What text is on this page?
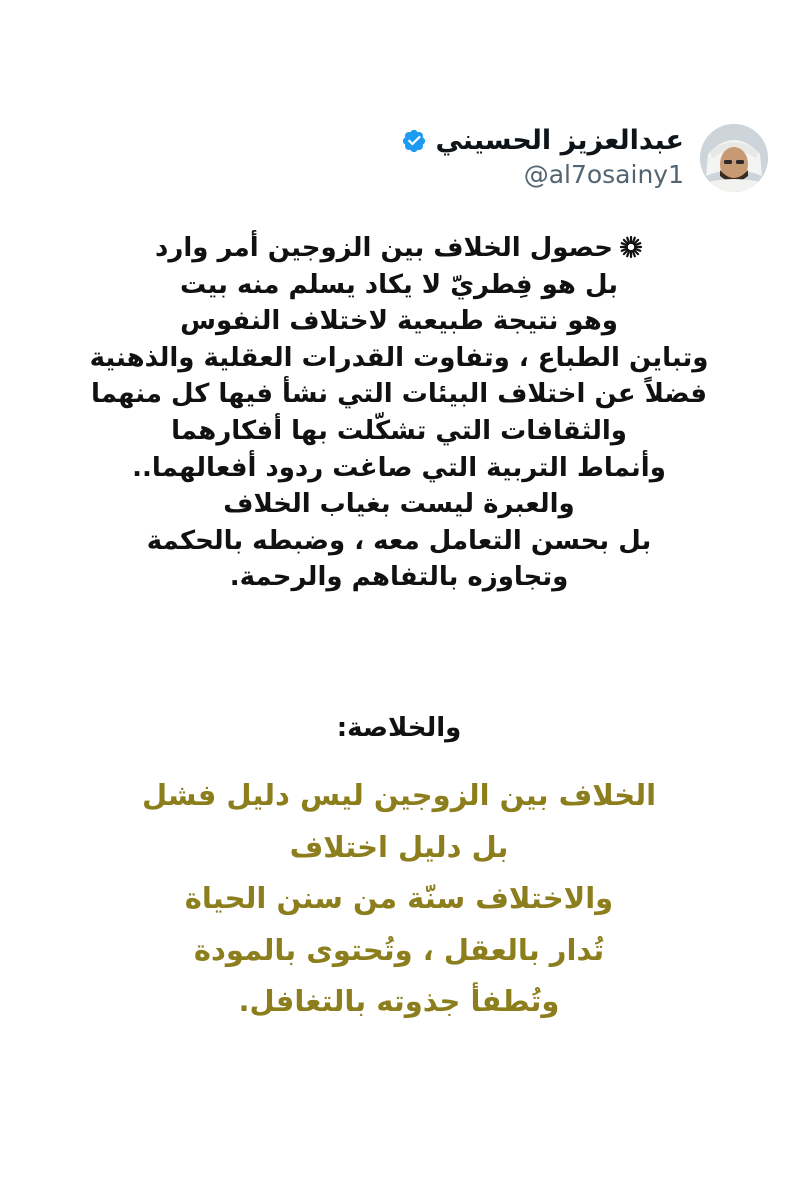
عبدالعزيز الحسيني
@al7osainy1
حصول الخلاف بين الزوجين أمر وارد
بل هو فِطريّ لا يكاد يسلم منه بيت
وهو نتيجة طبيعية لاختلاف النفوس
وتباين الطباع ، وتفاوت القدرات العقلية والذهنية
فضلاً عن اختلاف البيئات التي نشأ فيها كل منهما
والثقافات التي تشكّلت بها أفكارهما
وأنماط التربية التي صاغت ردود أفعالهما..
والعبرة ليست بغياب الخلاف
بل بحسن التعامل معه ، وضبطه بالحكمة
وتجاوزه بالتفاهم والرحمة.
والخلاصة:
الخلاف بين الزوجين ليس دليل فشل
بل دليل اختلاف
والاختلاف سنّة من سنن الحياة
تُدار بالعقل ، وتُحتوى بالمودة
وتُطفأ جذوته بالتغافل.
